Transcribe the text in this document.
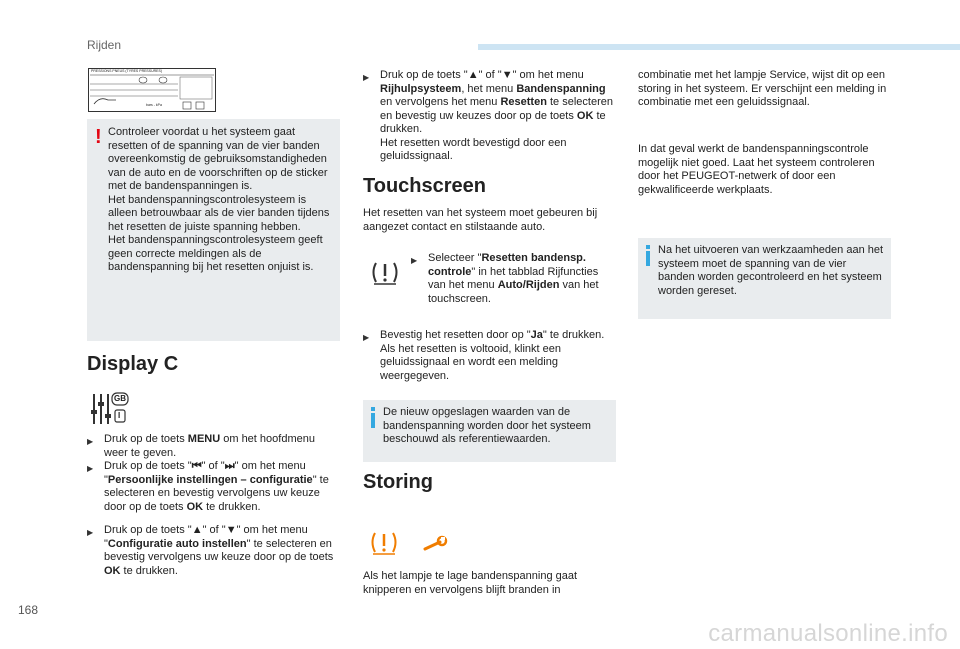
Rijden
PRESSIONS PNEUS (TYRES PRESSURES)
bars - kPa
! Controleer voordat u het systeem gaat resetten of de spanning van de vier banden overeenkomstig de gebruiksomstandigheden van de auto en de voorschriften op de sticker met de bandenspanningen is.

Het bandenspanningscontrolesysteem is alleen betrouwbaar als de vier banden tijdens het resetten de juiste spanning hebben.

Het bandenspanningscontrolesysteem geeft geen correcte meldingen als de bandenspanning bij het resetten onjuist is.

Display C
GB
I
▶ Druk op de toets MENU om het hoofdmenu weer te geven.
▶ Druk op de toets "⏮" of "⏭" om het menu "Persoonlijke instellingen – configuratie" te selecteren en bevestig vervolgens uw keuze door op de toets OK te drukken.
▶ Druk op de toets "▲" of "▼" om het menu "Configuratie auto instellen" te selecteren en bevestig vervolgens uw keuze door op de toets OK te drukken.
▶ Druk op de toets "▲" of "▼" om het menu Rijhulpsysteem, het menu Bandenspanning en vervolgens het menu Resetten te selecteren en bevestig uw keuzes door op de toets OK te drukken.
Het resetten wordt bevestigd door een geluidssignaal.
Touchscreen
Het resetten van het systeem moet gebeuren bij aangezet contact en stilstaande auto.
▶ Selecteer "Resetten bandensp. controle" in het tabblad Rijfuncties van het menu Auto/Rijden van het touchscreen.
▶ Bevestig het resetten door op "Ja" te drukken. Als het resetten is voltooid, klinkt een geluidssignaal en wordt een melding weergegeven.
De nieuw opgeslagen waarden van de bandenspanning worden door het systeem beschouwd als referentiewaarden.
Storing
Als het lampje te lage bandenspanning gaat knipperen en vervolgens blijft branden in
combinatie met het lampje Service, wijst dit op een storing in het systeem. Er verschijnt een melding in combinatie met een geluidssignaal.
In dat geval werkt de bandenspanningscontrole mogelijk niet goed. Laat het systeem controleren door het PEUGEOT-netwerk of door een gekwalificeerde werkplaats.
Na het uitvoeren van werkzaamheden aan het systeem moet de spanning van de vier banden worden gecontroleerd en het systeem worden gereset.
168
carmanualsonline.info
